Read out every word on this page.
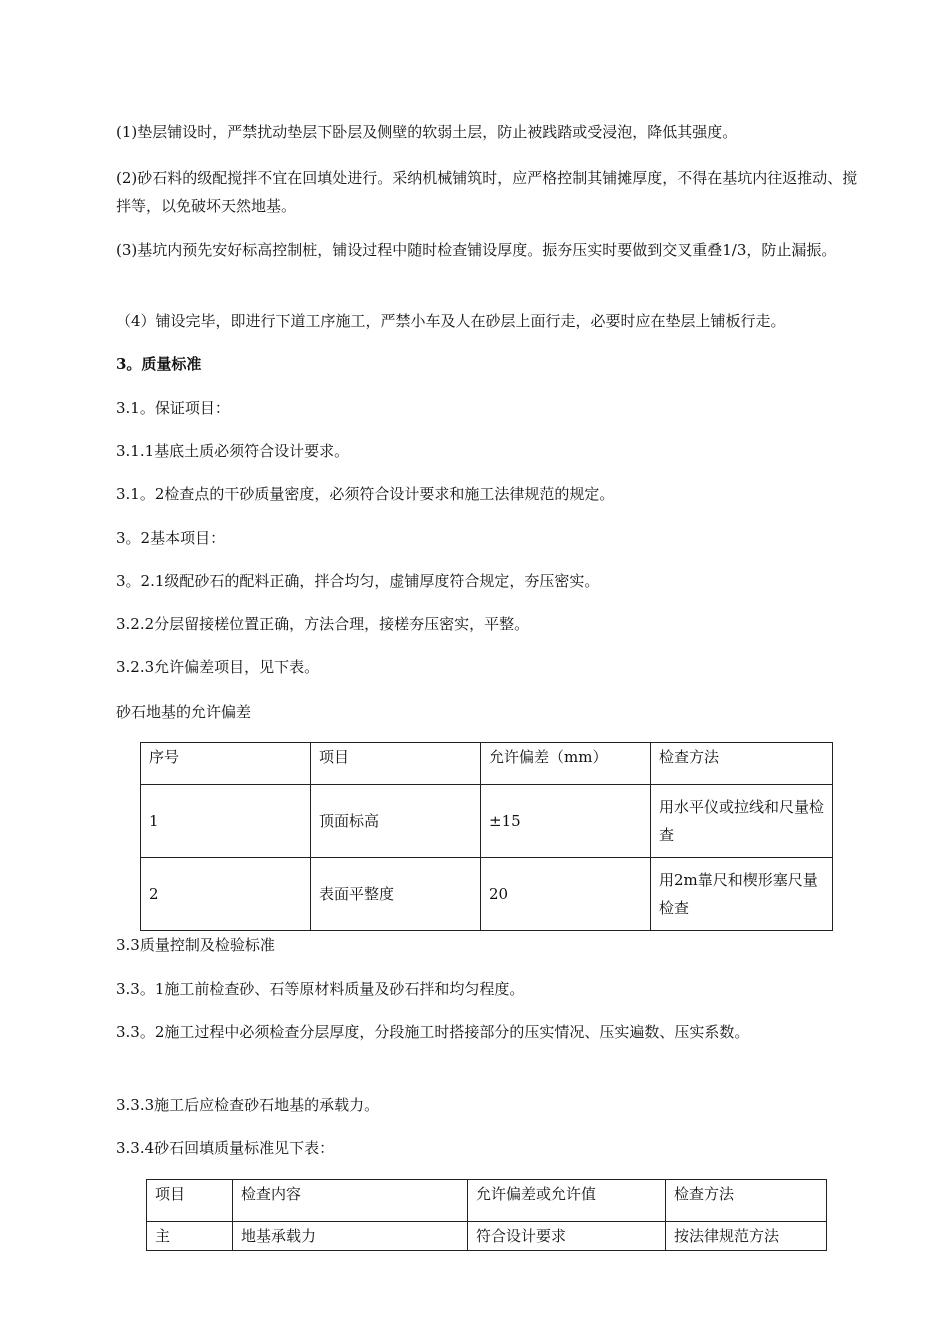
(1)垫层铺设时，严禁扰动垫层下卧层及侧壁的软弱土层，防止被践踏或受浸泡，降低其强度。

(2)砂石料的级配搅拌不宜在回填处进行。采纳机械铺筑时，应严格控制其铺摊厚度，不得在基坑内往返推动、搅拌等，以免破坏天然地基。

(3)基坑内预先安好标高控制桩，铺设过程中随时检查铺设厚度。振夯压实时要做到交叉重叠1/3，防止漏振。

（4）铺设完毕，即进行下道工序施工，严禁小车及人在砂层上面行走，必要时应在垫层上铺板行走。

3。质量标准

3.1。保证项目：

3.1.1基底土质必须符合设计要求。

3.1。2检查点的干砂质量密度，必须符合设计要求和施工法律规范的规定。

3。2基本项目：

3。2.1级配砂石的配料正确，拌合均匀，虚铺厚度符合规定，夯压密实。

3.2.2分层留接槎位置正确，方法合理，接槎夯压密实，平整。

3.2.3允许偏差项目，见下表。

砂石地基的允许偏差

序号	项目	允许偏差（mm）	检查方法
1	顶面标高	±15	用水平仪或拉线和尺量检查
2	表面平整度	20	用2m靠尺和楔形塞尺量检查

3.3质量控制及检验标准

3.3。1施工前检查砂、石等原材料质量及砂石拌和均匀程度。

3.3。2施工过程中必须检查分层厚度，分段施工时搭接部分的压实情况、压实遍数、压实系数。

3.3.3施工后应检查砂石地基的承载力。

3.3.4砂石回填质量标准见下表：

项目	检查内容	允许偏差或允许值	检查方法
主	地基承载力	符合设计要求	按法律规范方法
